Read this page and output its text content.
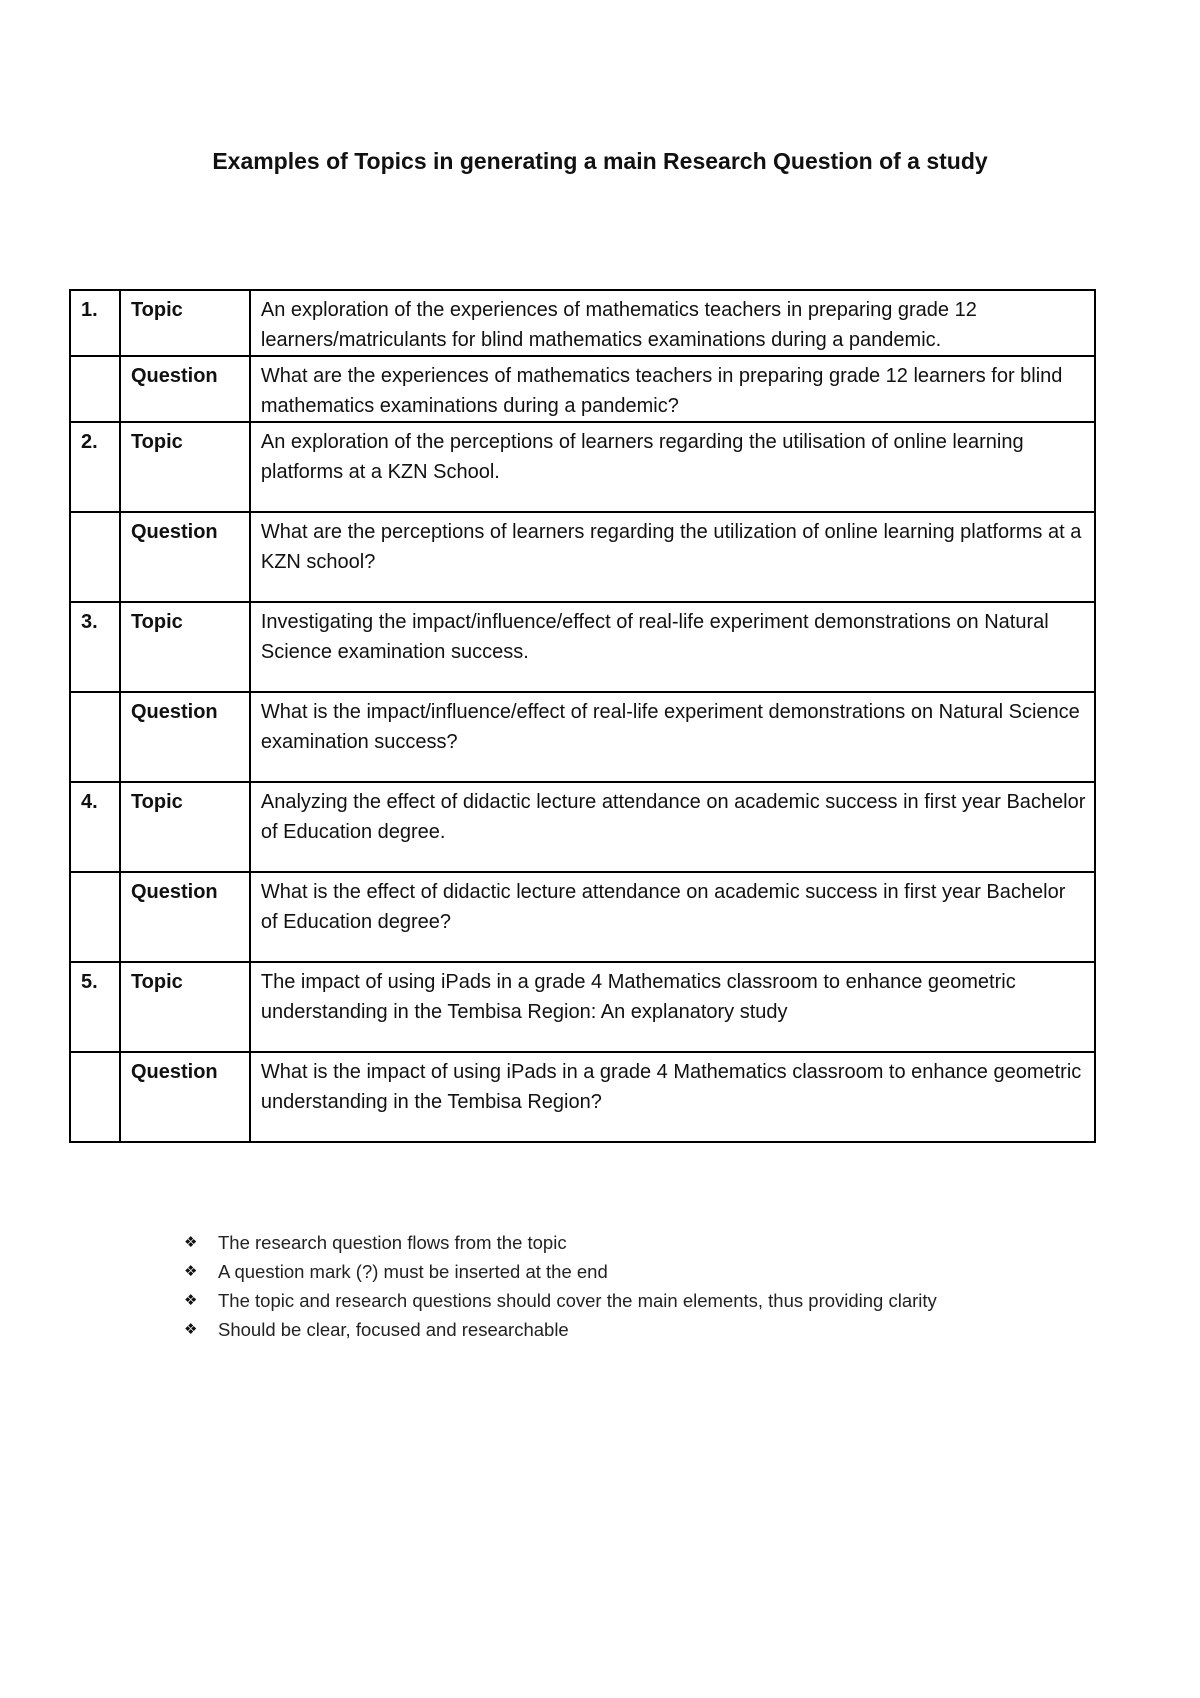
Examples of Topics in generating a main Research Question of a study
1.	Topic	An exploration of the experiences of mathematics teachers in preparing grade 12 learners/matriculants for blind mathematics examinations during a pandemic.
	Question	What are the experiences of mathematics teachers in preparing grade 12 learners for blind mathematics examinations during a pandemic?
2.	Topic	An exploration of the perceptions of learners regarding the utilisation of online learning platforms at a KZN School.
	Question	What are the perceptions of learners regarding the utilization of online learning platforms at a KZN school?
3.	Topic	Investigating the impact/influence/effect of real-life experiment demonstrations on Natural Science examination success.
	Question	What is the impact/influence/effect of real-life experiment demonstrations on Natural Science examination success?
4.	Topic	Analyzing the effect of didactic lecture attendance on academic success in first year Bachelor of Education degree.
	Question	What is the effect of didactic lecture attendance on academic success in first year Bachelor of Education degree?
5.	Topic	The impact of using iPads in a grade 4 Mathematics classroom to enhance geometric understanding in the Tembisa Region: An explanatory study
	Question	What is the impact of using iPads in a grade 4 Mathematics classroom to enhance geometric understanding in the Tembisa Region?
❖	The research question flows from the topic
❖	A question mark (?) must be inserted at the end
❖	The topic and research questions should cover the main elements, thus providing clarity
❖	Should be clear, focused and researchable
